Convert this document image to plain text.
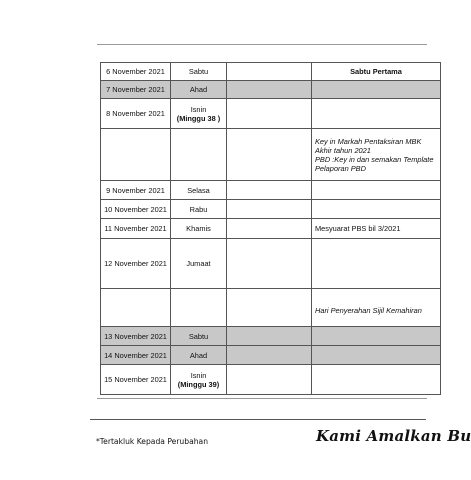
6 November 2021	Sabtu		Sabtu Pertama
7 November 2021	Ahad		
8 November 2021	Isnin
(Minggu 38 )		
			Key in Markah Pentaksiran MBK Akhir tahun 2021
PBD :Key in dan semakan Template Pelaporan PBD
9 November 2021	Selasa		
10 November 2021	Rabu		
11 November 2021	Khamis		Mesyuarat PBS bil 3/2021
12 November 2021	Jumaat		
			Hari Penyerahan Sijil Kemahiran
13 November 2021	Sabtu		
14 November 2021	Ahad		
15 November 2021	Isnin
(Minggu 39)		
*Tertakluk Kepada Perubahan	Kami Amalkan Bu
